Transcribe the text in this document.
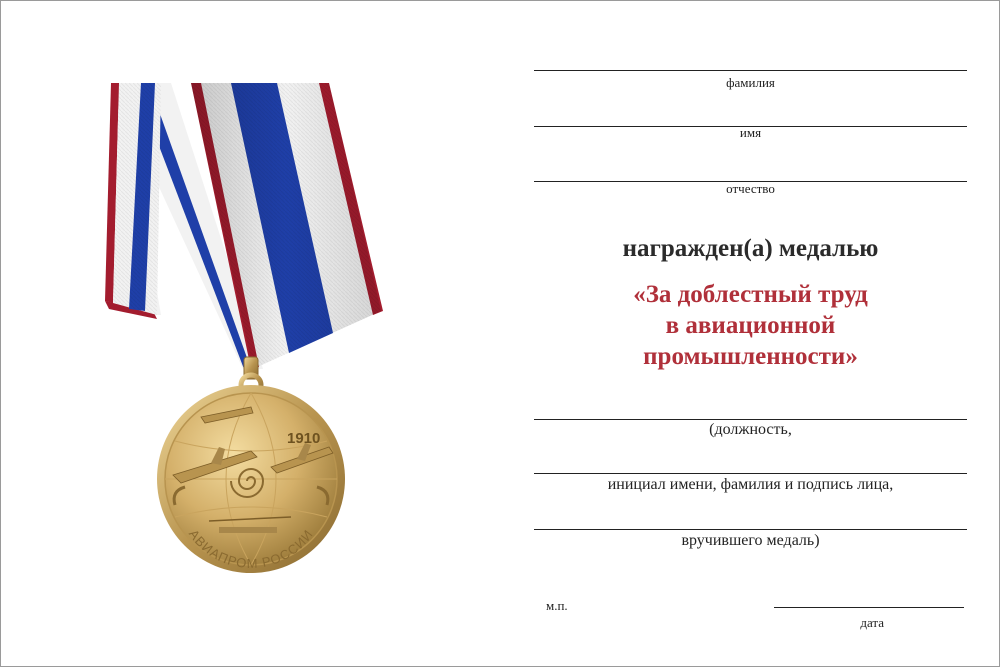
1910
АВИАПРОМ РОССИИ
фамилия
имя
отчество
награжден(а) медалью
«За доблестный труд
в авиационной
промышленности»
(должность,
инициал имени, фамилия и подпись лица,
вручившего медаль)
м.п.
дата
